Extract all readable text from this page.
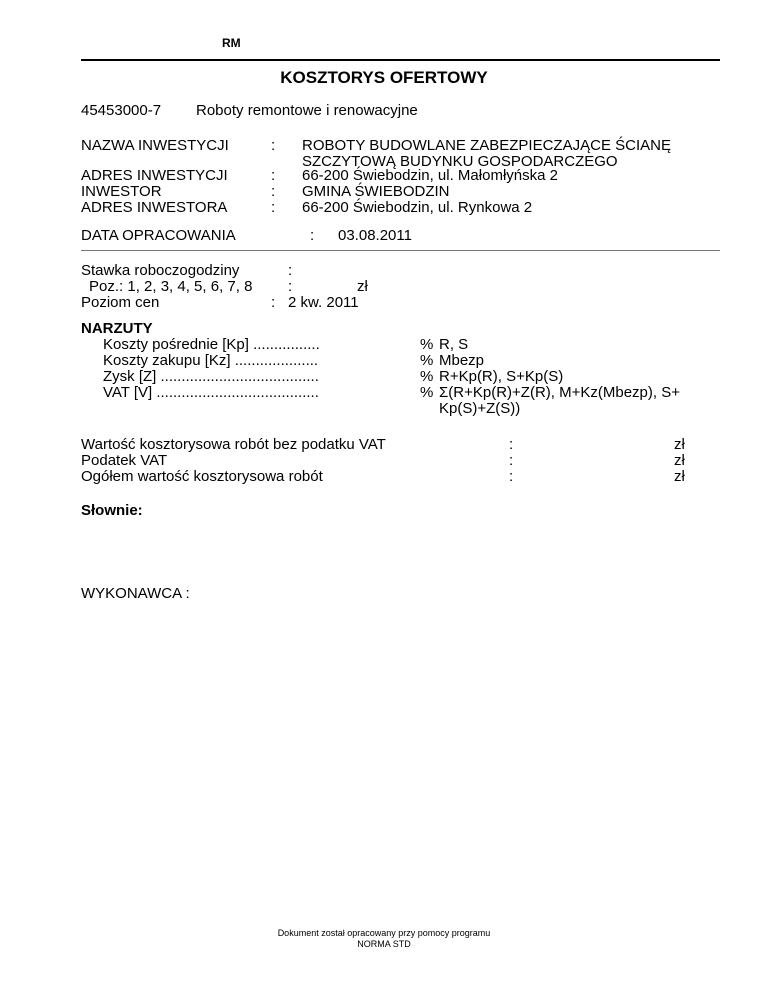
RM
KOSZTORYS OFERTOWY
45453000-7 Roboty remontowe i renowacyjne
NAZWA INWESTYCJI	: ROBOTY BUDOWLANE ZABEZPIECZAJĄCE ŚCIANĘ
SZCZYTOWĄ BUDYNKU GOSPODARCZEGO
ADRES INWESTYCJI	: 66-200 Świebodzin, ul. Małomłyńska 2
INWESTOR	: GMINA ŚWIEBODZIN
ADRES INWESTORA	: 66-200 Świebodzin, ul. Rynkowa 2
DATA OPRACOWANIA	: 03.08.2011
Stawka roboczogodziny	:
Poz.: 1, 2, 3, 4, 5, 6, 7, 8 :	zł
Poziom cen	: 2 kw. 2011
NARZUTY
Koszty pośrednie [Kp] ................	% R, S
Koszty zakupu [Kz] ....................	% Mbezp
Zysk [Z] ......................................	% R+Kp(R), S+Kp(S)
VAT [V] .......................................	% Σ(R+Kp(R)+Z(R), M+Kz(Mbezp), S+
Kp(S)+Z(S))
Wartość kosztorysowa robót bez podatku VAT	:	zł
Podatek VAT	:	zł
Ogółem wartość kosztorysowa robót	:	zł
Słownie:
WYKONAWCA :
Dokument został opracowany przy pomocy programu
NORMA STD
